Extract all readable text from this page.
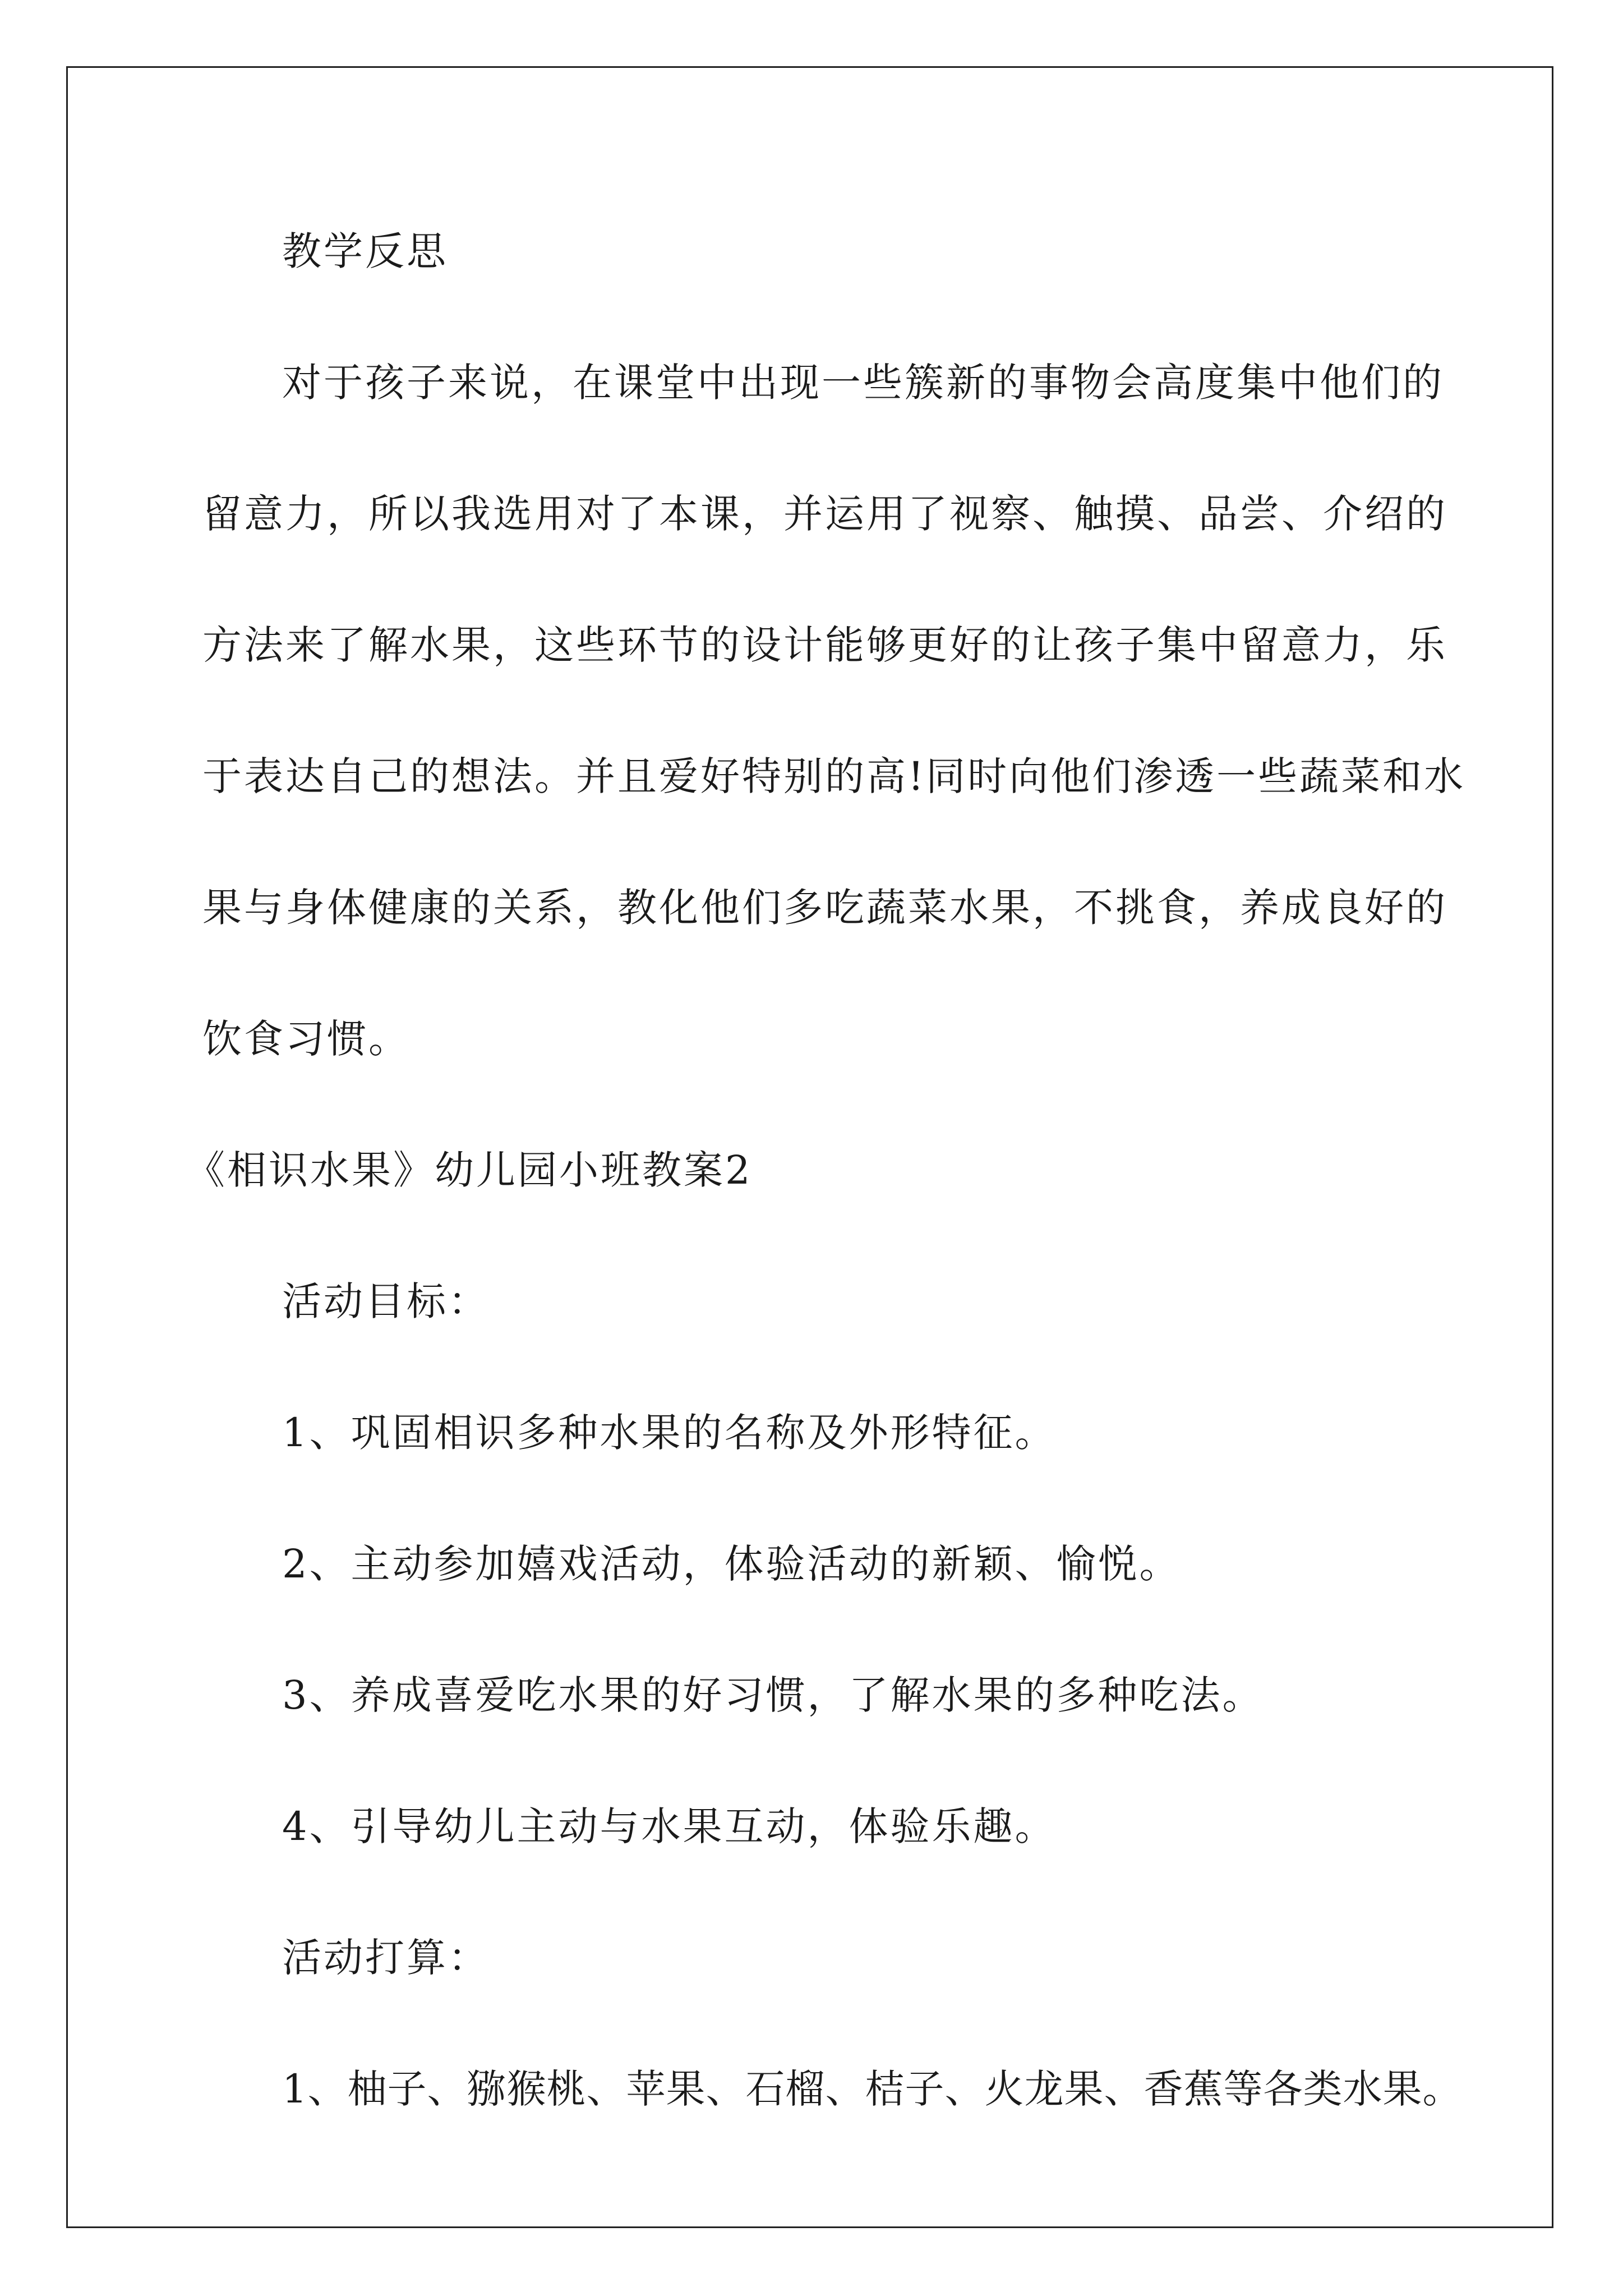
教学反思
对于孩子来说，在课堂中出现一些簇新的事物会高度集中他们的
留意力，所以我选用对了本课，并运用了视察、触摸、品尝、介绍的
方法来了解水果，这些环节的设计能够更好的让孩子集中留意力，乐
于表达自己的想法。并且爱好特别的高!同时向他们渗透一些蔬菜和水
果与身体健康的关系，教化他们多吃蔬菜水果，不挑食，养成良好的
饮食习惯。
《相识水果》幼儿园小班教案2
活动目标：
1、巩固相识多种水果的名称及外形特征。
2、主动参加嬉戏活动，体验活动的新颖、愉悦。
3、养成喜爱吃水果的好习惯，了解水果的多种吃法。
4、引导幼儿主动与水果互动，体验乐趣。
活动打算：
1、柚子、猕猴桃、苹果、石榴、桔子、火龙果、香蕉等各类水果。
